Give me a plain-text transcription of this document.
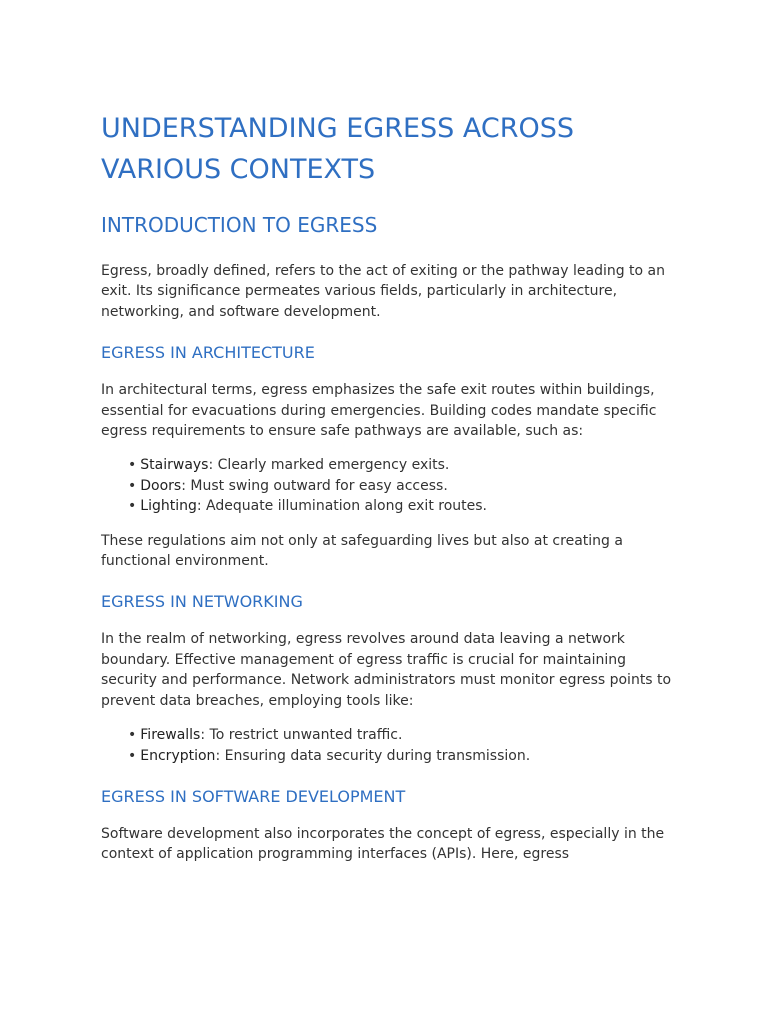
UNDERSTANDING EGRESS ACROSS VARIOUS CONTEXTS
INTRODUCTION TO EGRESS

Egress, broadly defined, refers to the act of exiting or the pathway leading to an exit. Its significance permeates various fields, particularly in architecture, networking, and software development.

EGRESS IN ARCHITECTURE

In architectural terms, egress emphasizes the safe exit routes within buildings, essential for evacuations during emergencies. Building codes mandate specific egress requirements to ensure safe pathways are available, such as:

• Stairways: Clearly marked emergency exits.
• Doors: Must swing outward for easy access.
• Lighting: Adequate illumination along exit routes.

These regulations aim not only at safeguarding lives but also at creating a functional environment.

EGRESS IN NETWORKING

In the realm of networking, egress revolves around data leaving a network boundary. Effective management of egress traffic is crucial for maintaining security and performance. Network administrators must monitor egress points to prevent data breaches, employing tools like:

• Firewalls: To restrict unwanted traffic.
• Encryption: Ensuring data security during transmission.
EGRESS IN SOFTWARE DEVELOPMENT

Software development also incorporates the concept of egress, especially in the context of application programming interfaces (APIs). Here, egress
